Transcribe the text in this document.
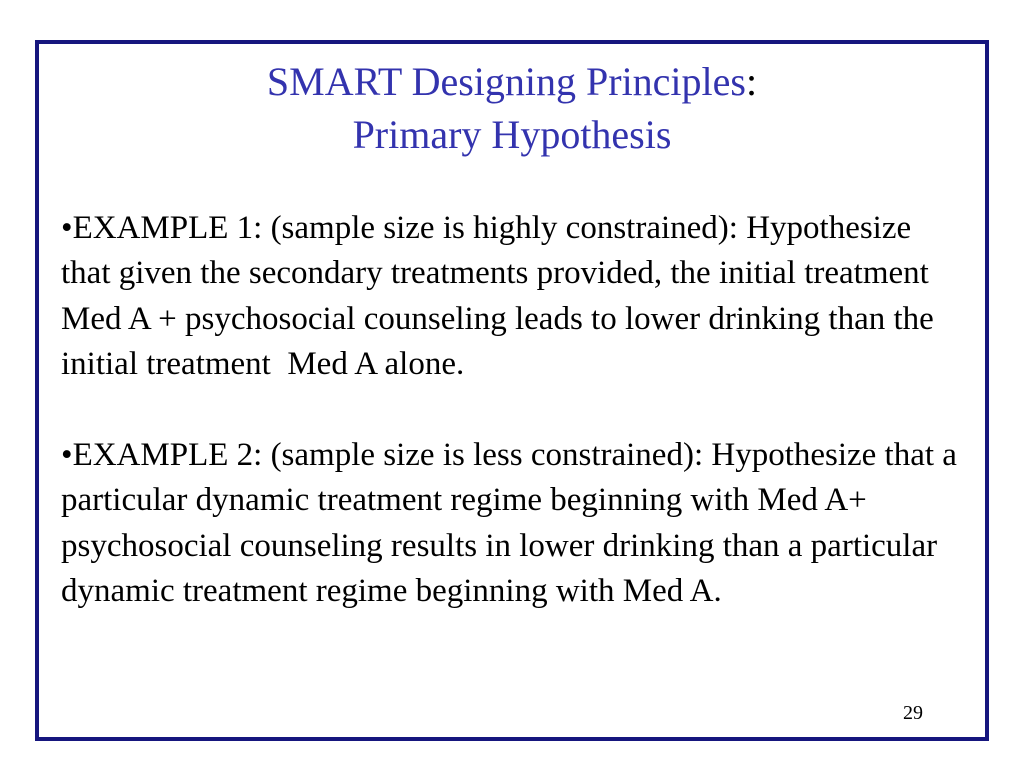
SMART Designing Principles:
Primary Hypothesis

•EXAMPLE 1: (sample size is highly constrained): Hypothesize that given the secondary treatments provided, the initial treatment Med A + psychosocial counseling leads to lower drinking than the initial treatment  Med A alone.

•EXAMPLE 2: (sample size is less constrained): Hypothesize that a particular dynamic treatment regime beginning with Med A+ psychosocial counseling results in lower drinking than a particular dynamic treatment regime beginning with Med A.

29
